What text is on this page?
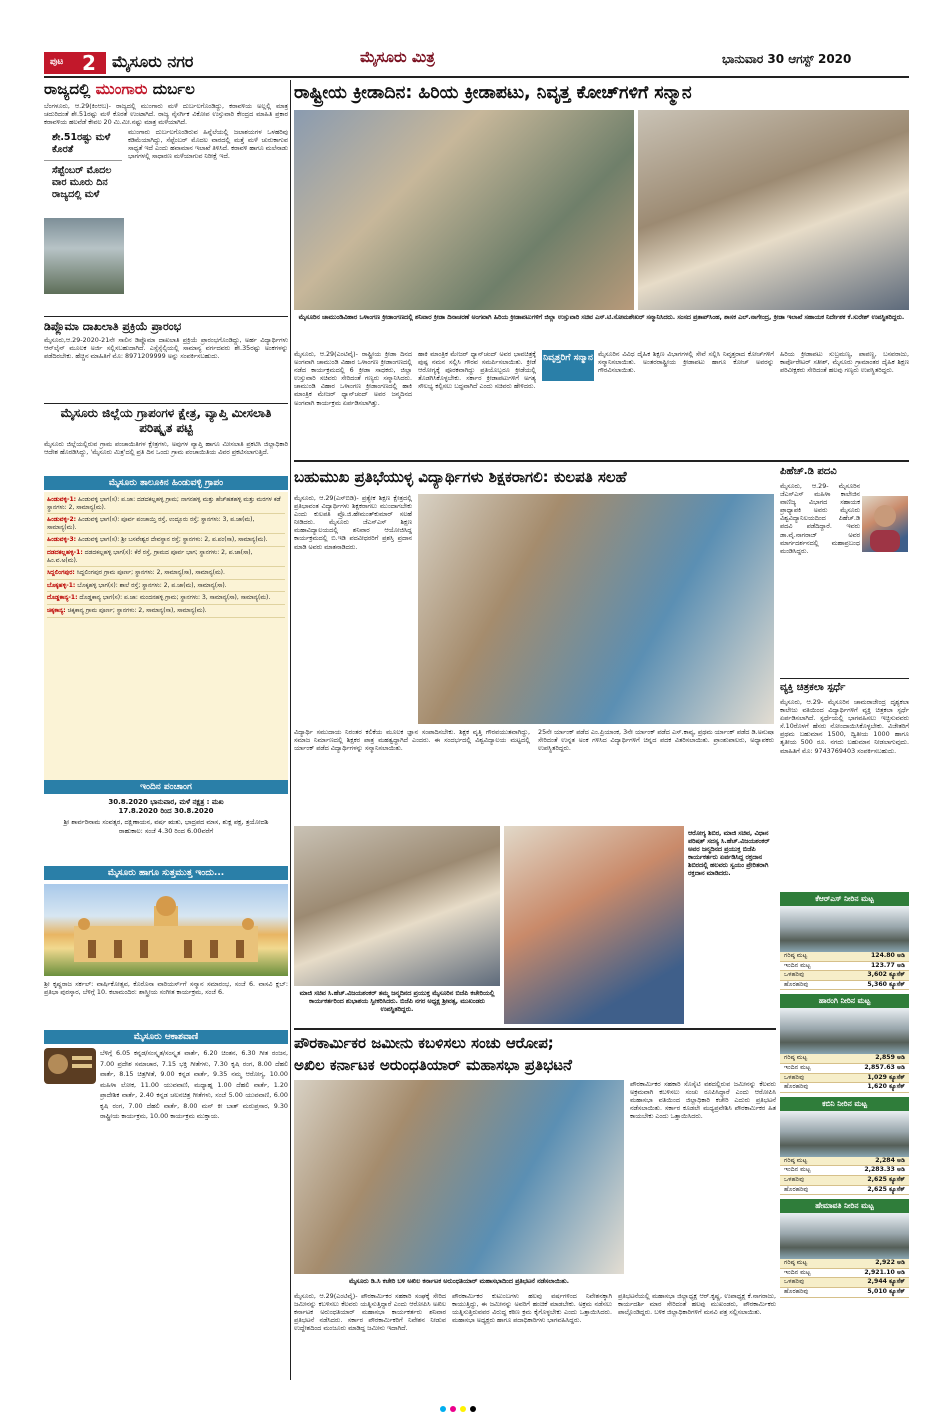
ಪುಟ 2 ಮೈಸೂರು ನಗರ	ಮೈಸೂರು ಮಿತ್ರ	ಭಾನುವಾರ 30 ಆಗಸ್ಟ್ 2020
ರಾಜ್ಯದಲ್ಲಿ ಮುಂಗಾರು ದುರ್ಬಲ
ಬೆಂಗಳೂರು, ಆ.29(ಕಿಂಆಬ)- ರಾಜ್ಯದಲ್ಲಿ ಮುಂಗಾರು ಮಳೆ ದುರ್ಬಲಗೊಂಡಿದ್ದು, ಕರಾವಳಿಯ ಅಲ್ಲಲ್ಲಿ ಮಾತ್ರ ಚದುರಿದಂತೆ ಶೇ.51ರಷ್ಟು ಮಳೆ ಕೊರತೆ ಉಂಟಾಗಿದೆ. ರಾಜ್ಯ ನೈಸರ್ಗಿಕ ವಿಕೋಪ ಉಸ್ತುವಾರಿ ಕೇಂದ್ರದ ಮಾಹಿತಿ ಪ್ರಕಾರ ಕರಾವಳಿಯ ಹಲವೆಡೆ ಕೇವಲ 20 ಮಿ.ಮೀ.ನಷ್ಟು ಮಾತ್ರ ಮಳೆಯಾಗಿದೆ.
ಶೇ.51ರಷ್ಟು ಮಳೆ ಕೊರತೆ
ಸೆಪ್ಟೆಂಬರ್ ಮೊದಲ ವಾರ ಮೂರು ದಿನ ರಾಜ್ಯದಲ್ಲಿ ಮಳೆ
ಮುಂಗಾರು ದುರ್ಬಲಗೊಂಡಿರುವ ಹಿನ್ನೆಲೆಯಲ್ಲಿ ಜಲಾಶಯಗಳ ಒಳಹರಿವು ಕಡಿಮೆಯಾಗಿದ್ದು, ಸೆಪ್ಟೆಂಬರ್ ಮೊದಲ ವಾರದಲ್ಲಿ ಮತ್ತೆ ಮಳೆ ಚುರುಕಾಗುವ ಸಾಧ್ಯತೆ ಇದೆ ಎಂದು ಹವಾಮಾನ ಇಲಾಖೆ ತಿಳಿಸಿದೆ. ಕರಾವಳಿ ಹಾಗೂ ಮಲೆನಾಡು ಭಾಗಗಳಲ್ಲಿ ಸಾಧಾರಣ ಮಳೆಯಾಗುವ ನಿರೀಕ್ಷೆ ಇದೆ.
ಡಿಪ್ಲೊಮಾ ದಾಖಲಾತಿ ಪ್ರಕ್ರಿಯೆ ಪ್ರಾರಂಭ
ಮೈಸೂರು,ಆ.29-2020-21ನೇ ಸಾಲಿನ ಡಿಪ್ಲೊಮಾ ದಾಖಲಾತಿ ಪ್ರಕ್ರಿಯೆ ಪ್ರಾರಂಭಗೊಂಡಿದ್ದು, ಅರ್ಹ ವಿದ್ಯಾರ್ಥಿಗಳು ಆನ್‌ಲೈನ್ ಮೂಲಕ ಅರ್ಜಿ ಸಲ್ಲಿಸಬಹುದಾಗಿದೆ. ಎಸ್ಸೆಸ್ಸೆಲ್ಸಿಯಲ್ಲಿ ಸಾಮಾನ್ಯ ವರ್ಗದವರು ಶೇ.35ರಷ್ಟು ಅಂಕಗಳನ್ನು ಪಡೆದಿರಬೇಕು. ಹೆಚ್ಚಿನ ಮಾಹಿತಿಗೆ ಮೊ: 8971209999 ಅನ್ನು ಸಂಪರ್ಕಿಸಬಹುದು.
ಮೈಸೂರು ಜಿಲ್ಲೆಯ ಗ್ರಾಪಂಗಳ ಕ್ಷೇತ್ರ, ವ್ಯಾಪ್ತಿ ಮೀಸಲಾತಿ ಪರಿಷ್ಕೃತ ಪಟ್ಟಿ
ಮೈಸೂರು ಜಿಲ್ಲೆಯಲ್ಲಿರುವ ಗ್ರಾಮ ಪಂಚಾಯಿತಿಗಳ ಕ್ಷೇತ್ರಗಳು, ಅವುಗಳ ವ್ಯಾಪ್ತಿ ಹಾಗೂ ಮೀಸಲಾತಿ ಪ್ರಕಟಿಸಿ ಜಿಲ್ಲಾಧಿಕಾರಿ ಆದೇಶ ಹೊರಡಿಸಿದ್ದು, 'ಮೈಸೂರು ಮಿತ್ರ'ದಲ್ಲಿ ಪ್ರತಿ ದಿನ ಒಂದು ಗ್ರಾಮ ಪಂಚಾಯಿತಿಯ ವಿವರ ಪ್ರಕಟಿಸಲಾಗುತ್ತಿದೆ.
ಮೈಸೂರು ತಾಲೂಕಿನ ಹಿಂಡುವಳ್ಳಿ ಗ್ರಾಪಂ
ಹಿಂಡುವಳ್ಳಿ-1: ಹಿಂಡುವಳ್ಳಿ ಭಾಗ(ಸ): ಪ.ಜಾ: ದಡದಕಲ್ಲಹಳ್ಳಿ ಗ್ರಾಮ; ನಾಗನಹಳ್ಳಿ ಮತ್ತು ಹೆಚ್‌ಹತಹಳ್ಳಿ ಮತ್ತು ಮರಗಳ ಕಡೆ ಸ್ಥಾನಗಳು: 2, ಸಾಮಾನ್ಯ(ಮ).
ಹಿಂಡುವಳ್ಳಿ-2: ಹಿಂಡುವಳ್ಳಿ ಭಾಗ(ಸ): ಪೂರ್ವ ಪಂಚಾಯ್ತಿ ರಸ್ತೆ, ಉದ್ಬೂರು ರಸ್ತೆ; ಸ್ಥಾನಗಳು: 3, ಪ.ಜಾ(ಮ), ಸಾಮಾನ್ಯ(ಮ).
ಹಿಂಡುವಳ್ಳಿ-3: ಹಿಂಡುವಳ್ಳಿ ಭಾಗ(ಸ): ಶ್ರೀ ಬಸವೇಶ್ವರ ದೇವಸ್ಥಾನ ರಸ್ತೆ; ಸ್ಥಾನಗಳು: 2, ಪ.ಪಂ(ಸಾ), ಸಾಮಾನ್ಯ(ಮ).
ದಡದಕಲ್ಲಹಳ್ಳಿ-1: ದಡದಕಲ್ಲಹಳ್ಳಿ ಭಾಗ(ಸ): ಕೆರೆ ರಸ್ತೆ, ಗ್ರಾಮದ ಪೂರ್ವ ಭಾಗ; ಸ್ಥಾನಗಳು: 2, ಪ.ಜಾ(ಸಾ), ಹಿಂ.ವ.ಅ(ಮ).
ಸಿದ್ದಲಿಂಗಪುರ: ಸಿದ್ದಲಿಂಗಪುರ ಗ್ರಾಮ ಪೂರ್ಣ; ಸ್ಥಾನಗಳು: 2, ಸಾಮಾನ್ಯ(ಸಾ), ಸಾಮಾನ್ಯ(ಮ).
ಬೊಕ್ಕಹಳ್ಳಿ-1: ಬೊಕ್ಕಹಳ್ಳಿ ಭಾಗ(ಸ): ಶಾಲೆ ರಸ್ತೆ; ಸ್ಥಾನಗಳು: 2, ಪ.ಜಾ(ಮ), ಸಾಮಾನ್ಯ(ಸಾ).
ದೊಡ್ಡಕಾನ್ಯ-1: ದೊಡ್ಡಕಾನ್ಯ ಭಾಗ(ಸ): ಪ.ಜಾ: ಮಂದನಹಳ್ಳಿ ಗ್ರಾಮ; ಸ್ಥಾನಗಳು: 3, ಸಾಮಾನ್ಯ(ಸಾ), ಸಾಮಾನ್ಯ(ಮ).
ಚಿಕ್ಕಕಾನ್ಯ: ಚಿಕ್ಕಕಾನ್ಯ ಗ್ರಾಮ ಪೂರ್ಣ; ಸ್ಥಾನಗಳು: 2, ಸಾಮಾನ್ಯ(ಸಾ), ಸಾಮಾನ್ಯ(ಮ).
ಇಂದಿನ ಪಂಚಾಂಗ
30.8.2020 ಭಾನುವಾರ, ಮಳೆ ನಕ್ಷತ್ರ : ಮಖ
17.8.2020 ರಿಂದ 30.8.2020
ಶ್ರೀ ಶಾರ್ವರಿನಾಮ ಸಂವತ್ಸರ, ದಕ್ಷಿಣಾಯನ, ವರ್ಷ ಋತು, ಭಾದ್ರಪದ ಮಾಸ, ಶುಕ್ಲ ಪಕ್ಷ, ತ್ರಯೋದಶಿ
ರಾಹುಕಾಲ: ಸಂಜೆ 4.30 ರಿಂದ 6.00ವರೆಗೆ
ಮೈಸೂರು ಹಾಗೂ ಸುತ್ತಮುತ್ತ ಇಂದು...
ಶ್ರೀ ಕೃಷ್ಣರಾಜ ಸರ್ಕಲ್: ವಾರ್ಷಿಕೋತ್ಸವ, ಕೊರೊನಾ ವಾರಿಯರ್ಸ್‌ಗೆ ಸನ್ಮಾನ ಸಮಾರಂಭ, ಸಂಜೆ 6. ವಾಸವಿ ಕ್ಲಬ್: ಪ್ರತಿಭಾ ಪುರಸ್ಕಾರ, ಬೆಳಿಗ್ಗೆ 10. ಕಲಾಮಂದಿರ: ಶಾಸ್ತ್ರೀಯ ಸಂಗೀತ ಕಾರ್ಯಕ್ರಮ, ಸಂಜೆ 6.
ಮೈಸೂರು ಆಕಾಶವಾಣಿ
ಬೆಳಿಗ್ಗೆ 6.05 ಕನ್ನಡ/ಸಂಸ್ಕೃತ/ಸಂಸ್ಕೃತ ವಾರ್ತೆ, 6.20 ಚಿಂತನ, 6.30 ಗೀತ ರಂಜನ, 7.00 ಪ್ರದೇಶ ಸಮಾಚಾರ, 7.15 ಭಕ್ತಿ ಗೀತೆಗಳು, 7.30 ಕೃಷಿ ರಂಗ, 8.00 ದೆಹಲಿ ವಾರ್ತೆ, 8.15 ಚಿತ್ರಗೀತೆ, 9.00 ಕನ್ನಡ ವಾರ್ತೆ, 9.35 ನಮ್ಮ ಆರೋಗ್ಯ, 10.00 ಮಹಿಳಾ ಲೋಕ, 11.00 ಯುವವಾಣಿ, ಮಧ್ಯಾಹ್ನ 1.00 ದೆಹಲಿ ವಾರ್ತೆ, 1.20 ಪ್ರಾದೇಶಿಕ ವಾರ್ತೆ, 2.40 ಕನ್ನಡ ಚಲನಚಿತ್ರ ಗೀತೆಗಳು, ಸಂಜೆ 5.00 ಯುವವಾಣಿ, 6.00 ಕೃಷಿ ರಂಗ, 7.00 ದೆಹಲಿ ವಾರ್ತೆ, 8.00 ಮನ್ ಕೀ ಬಾತ್ ಮರುಪ್ರಸಾರ, 9.30 ರಾಷ್ಟ್ರೀಯ ಕಾರ್ಯಕ್ರಮ, 10.00 ಕಾರ್ಯಕ್ರಮ ಮುಕ್ತಾಯ.
ರಾಷ್ಟ್ರೀಯ ಕ್ರೀಡಾದಿನ: ಹಿರಿಯ ಕ್ರೀಡಾಪಟು, ನಿವೃತ್ತ ಕೋಚ್‌ಗಳಿಗೆ ಸನ್ಮಾನ
ಮೈಸೂರಿನ ಚಾಮುಂಡಿವಿಹಾರ ಒಳಾಂಗಣ ಕ್ರೀಡಾಂಗಣದಲ್ಲಿ ಶನಿವಾರ ಕ್ರೀಡಾ ದಿನಾಚರಣೆ ಅಂಗವಾಗಿ ಹಿರಿಯ ಕ್ರೀಡಾಪಟುಗಳಿಗೆ ಜಿಲ್ಲಾ ಉಸ್ತುವಾರಿ ಸಚಿವ ಎಸ್.ಟಿ.ಸೋಮಶೇಖರ್ ಸನ್ಮಾನಿಸಿದರು. ಸಂಸದ ಪ್ರತಾಪ್‌ಸಿಂಹ, ಶಾಸಕ ಎಲ್.ನಾಗೇಂದ್ರ, ಕ್ರೀಡಾ ಇಲಾಖೆ ಸಹಾಯಕ ನಿರ್ದೇಶಕ ಕೆ.ಸುರೇಶ್ ಉಪಸ್ಥಿತರಿದ್ದರು.
ಮೈಸೂರು, ಆ.29(ಎಂಟಿವೈ)- ರಾಷ್ಟ್ರೀಯ ಕ್ರೀಡಾ ದಿನದ ಅಂಗವಾಗಿ ಚಾಮುಂಡಿ ವಿಹಾರ ಒಳಾಂಗಣ ಕ್ರೀಡಾಂಗಣದಲ್ಲಿ ನಡೆದ ಕಾರ್ಯಕ್ರಮದಲ್ಲಿ 6 ಕ್ರೀಡಾ ಸಾಧಕರು, ಜಿಲ್ಲಾ ಉಸ್ತುವಾರಿ ಸಚಿವರು ಸೇರಿದಂತೆ ಗಣ್ಯರು ಸನ್ಮಾನಿಸಿದರು. ಚಾಮುಂಡಿ ವಿಹಾರ ಒಳಾಂಗಣ ಕ್ರೀಡಾಂಗಣದಲ್ಲಿ ಹಾಕಿ ಮಾಂತ್ರಿಕ ಮೇಜರ್ ಧ್ಯಾನ್‌ಚಂದ್ ಅವರ ಜನ್ಮದಿನದ ಅಂಗವಾಗಿ ಕಾರ್ಯಕ್ರಮ ಏರ್ಪಡಿಸಲಾಗಿತ್ತು.
ಹಾಕಿ ಮಾಂತ್ರಿಕ ಮೇಜರ್ ಧ್ಯಾನ್‌ಚಂದ್ ಅವರ ಭಾವಚಿತ್ರಕ್ಕೆ ಪುಷ್ಪ ನಮನ ಸಲ್ಲಿಸಿ ಗೌರವ ಸಮರ್ಪಿಸಲಾಯಿತು. ಕ್ರೀಡೆ ಆರೋಗ್ಯಕ್ಕೆ ಪೂರಕವಾಗಿದ್ದು ಪ್ರತಿಯೊಬ್ಬರೂ ಕ್ರೀಡೆಯಲ್ಲಿ ತೊಡಗಿಸಿಕೊಳ್ಳಬೇಕು. ಸರ್ಕಾರ ಕ್ರೀಡಾಪಟುಗಳಿಗೆ ಅಗತ್ಯ ಸೌಲಭ್ಯ ಕಲ್ಪಿಸಲು ಬದ್ಧವಾಗಿದೆ ಎಂದು ಸಚಿವರು ಹೇಳಿದರು.
ನಿವೃತ್ತರಿಗೆ ಸನ್ಮಾನ ಮೈಸೂರಿನ ವಿವಿಧ ದೈಹಿಕ ಶಿಕ್ಷಣ ವಿಭಾಗಗಳಲ್ಲಿ ಸೇವೆ ಸಲ್ಲಿಸಿ ನಿವೃತ್ತರಾದ ಕೋಚ್‌ಗಳಿಗೆ ಸನ್ಮಾನಿಸಲಾಯಿತು. ಅಂತರರಾಷ್ಟ್ರೀಯ ಕ್ರೀಡಾಪಟು ಹಾಗೂ ಕೋಚ್ ಅವರನ್ನು ಗೌರವಿಸಲಾಯಿತು.
ಹಿರಿಯ ಕ್ರೀಡಾಪಟು ಸುಬ್ರಮಣ್ಯ, ಪಾಪಣ್ಣ, ಬಸವರಾಜು, ಕಾರ್ಪೊರೇಟರ್ ಸತೀಶ್, ಮೈಸೂರು ಗ್ರಾಮಾಂತರ ದೈಹಿಕ ಶಿಕ್ಷಣ ಪರಿವೀಕ್ಷಕರು ಸೇರಿದಂತೆ ಹಲವು ಗಣ್ಯರು ಉಪಸ್ಥಿತರಿದ್ದರು.
ಬಹುಮುಖ ಪ್ರತಿಭೆಯುಳ್ಳ ವಿದ್ಯಾರ್ಥಿಗಳು ಶಿಕ್ಷಕರಾಗಲಿ: ಕುಲಪತಿ ಸಲಹೆ
ಮೈಸೂರು, ಆ.29(ಎಸ್‌ಬಿಡಿ)- ಪ್ರತ್ಯೇಕ ಶಿಕ್ಷಣ ಕ್ಷೇತ್ರದಲ್ಲಿ ಪ್ರತಿಭಾವಂತ ವಿದ್ಯಾರ್ಥಿಗಳು ಶಿಕ್ಷಕರಾಗಲು ಮುಂದಾಗಬೇಕು ಎಂದು ಕುಲಪತಿ ಪ್ರೊ.ಜಿ.ಹೇಮಂತ್‌ಕುಮಾರ್ ಸಲಹೆ ನೀಡಿದರು. ಮೈಸೂರು ಜೆಎಸ್‌ಎಸ್ ಶಿಕ್ಷಣ ಮಹಾವಿದ್ಯಾಲಯದಲ್ಲಿ ಶನಿವಾರ ಆಯೋಜಿಸಿದ್ದ ಕಾರ್ಯಕ್ರಮದಲ್ಲಿ ಬಿ.ಇಡಿ ಪದವೀಧರರಿಗೆ ಪ್ರಶಸ್ತಿ ಪ್ರದಾನ ಮಾಡಿ ಅವರು ಮಾತನಾಡಿದರು.
ವಿದ್ಯಾರ್ಥಿ ಸಮುದಾಯ ನಿರಂತರ ಕಲಿಕೆಯ ಮೂಲಕ ಜ್ಞಾನ ಸಂಪಾದಿಸಬೇಕು. ಶಿಕ್ಷಕ ವೃತ್ತಿ ಗೌರವಯುತವಾಗಿದ್ದು, ಸಮಾಜ ನಿರ್ಮಾಣದಲ್ಲಿ ಶಿಕ್ಷಕರ ಪಾತ್ರ ಮಹತ್ವದ್ದಾಗಿದೆ ಎಂದರು. ಈ ಸಂದರ್ಭದಲ್ಲಿ ವಿಶ್ವವಿದ್ಯಾಲಯ ಮಟ್ಟದಲ್ಲಿ ರ್ಯಾಂಕ್ ಪಡೆದ ವಿದ್ಯಾರ್ಥಿಗಳನ್ನು ಸನ್ಮಾನಿಸಲಾಯಿತು.
25ನೇ ರ್ಯಾಂಕ್ ಪಡೆದ ಎಂ.ಪ್ರಿಯಾಂಕ, 3ನೇ ರ್ಯಾಂಕ್ ಪಡೆದ ಎಸ್.ಕಾವ್ಯ, ಪ್ರಥಮ ರ್ಯಾಂಕ್ ಪಡೆದ ಡಿ.ಅನುಷಾ ಸೇರಿದಂತೆ ಉನ್ನತ ಅಂಕ ಗಳಿಸಿದ ವಿದ್ಯಾರ್ಥಿಗಳಿಗೆ ಚಿನ್ನದ ಪದಕ ವಿತರಿಸಲಾಯಿತು. ಪ್ರಾಂಶುಪಾಲರು, ಅಧ್ಯಾಪಕರು ಉಪಸ್ಥಿತರಿದ್ದರು.
ಪಿಹೆಚ್.ಡಿ ಪದವಿ
ಮೈಸೂರು, ಆ.29- ಮೈಸೂರಿನ ಜೆಎಸ್‌ಎಸ್ ಮಹಿಳಾ ಕಾಲೇಜಿನ ವಾಣಿಜ್ಯ ವಿಭಾಗದ ಸಹಾಯಕ ಪ್ರಾಧ್ಯಾಪಕಿ ಅವರು ಮೈಸೂರು ವಿಶ್ವವಿದ್ಯಾನಿಲಯದಿಂದ ಪಿಹೆಚ್.ಡಿ ಪದವಿ ಪಡೆದಿದ್ದಾರೆ. ಇವರು ಡಾ.ವೈ.ನಾಗರಾಜ್ ಅವರ ಮಾರ್ಗದರ್ಶನದಲ್ಲಿ ಮಹಾಪ್ರಬಂಧ ಮಂಡಿಸಿದ್ದರು.
ವ್ಯಕ್ತಿ ಚಿತ್ರಕಲಾ ಸ್ಪರ್ಧೆ
ಮೈಸೂರು, ಆ.29- ಮೈಸೂರಿನ ಚಾಮರಾಜೇಂದ್ರ ದೃಶ್ಯಕಲಾ ಕಾಲೇಜು ವತಿಯಿಂದ ವಿದ್ಯಾರ್ಥಿಗಳಿಗೆ ವ್ಯಕ್ತಿ ಚಿತ್ರಕಲಾ ಸ್ಪರ್ಧೆ ಏರ್ಪಡಿಸಲಾಗಿದೆ. ಸ್ಪರ್ಧೆಯಲ್ಲಿ ಭಾಗವಹಿಸಲು ಇಚ್ಛಿಸುವವರು ಸೆ.10ರೊಳಗೆ ಹೆಸರು ನೋಂದಾಯಿಸಿಕೊಳ್ಳಬೇಕು. ವಿಜೇತರಿಗೆ ಪ್ರಥಮ ಬಹುಮಾನ 1500, ದ್ವಿತೀಯ 1000 ಹಾಗೂ ತೃತೀಯ 500 ರೂ. ನಗದು ಬಹುಮಾನ ನೀಡಲಾಗುವುದು. ಮಾಹಿತಿಗೆ ಮೊ: 9743769403 ಸಂಪರ್ಕಿಸಬಹುದು.
ಮಾಜಿ ಸಚಿವ ಸಿ.ಹೆಚ್.ವಿಜಯಶಂಕರ್ ತಮ್ಮ ಜನ್ಮದಿನದ ಪ್ರಯುಕ್ತ ಮೈಸೂರಿನ ಬಿಜೆಪಿ ಕಚೇರಿಯಲ್ಲಿ ಕಾರ್ಯಕರ್ತರಿಂದ ಶುಭಾಶಯ ಸ್ವೀಕರಿಸಿದರು. ಬಿಜೆಪಿ ನಗರ ಅಧ್ಯಕ್ಷ ಶ್ರೀವತ್ಸ, ಮುಖಂಡರು ಉಪಸ್ಥಿತರಿದ್ದರು.
ಆರೋಗ್ಯ ಶಿಬಿರ, ಮಾಜಿ ಸಚಿವ, ವಿಧಾನ ಪರಿಷತ್ ಸದಸ್ಯ ಸಿ.ಹೆಚ್.ವಿಜಯಶಂಕರ್ ಅವರ ಜನ್ಮದಿನದ ಪ್ರಯುಕ್ತ ಬಿಜೆಪಿ ಕಾರ್ಯಕರ್ತರು ಏರ್ಪಡಿಸಿದ್ದ ರಕ್ತದಾನ ಶಿಬಿರದಲ್ಲಿ ಹಲವರು ಸ್ವಯಂ ಪ್ರೇರಿತರಾಗಿ ರಕ್ತದಾನ ಮಾಡಿದರು.
ಪೌರಕಾರ್ಮಿಕರ ಜಮೀನು ಕಬಳಿಸಲು ಸಂಚು ಆರೋಪ;
ಅಖಿಲ ಕರ್ನಾಟಕ ಅರುಂಧತಿಯಾರ್ ಮಹಾಸಭಾ ಪ್ರತಿಭಟನೆ
ಪೌರಕಾರ್ಮಿಕರ ಸಹಕಾರಿ ಸೊಸೈಟಿ ವಶದಲ್ಲಿರುವ ಜಮೀನನ್ನು ಕೆಲವರು ಅಕ್ರಮವಾಗಿ ಕಬಳಿಸಲು ಸಂಚು ರೂಪಿಸಿದ್ದಾರೆ ಎಂದು ಆರೋಪಿಸಿ ಮಹಾಸಭಾ ವತಿಯಿಂದ ಜಿಲ್ಲಾಧಿಕಾರಿ ಕಚೇರಿ ಎದುರು ಪ್ರತಿಭಟನೆ ನಡೆಸಲಾಯಿತು. ಸರ್ಕಾರ ಕೂಡಲೇ ಮಧ್ಯಪ್ರವೇಶಿಸಿ ಪೌರಕಾರ್ಮಿಕರ ಹಿತ ಕಾಯಬೇಕು ಎಂದು ಒತ್ತಾಯಿಸಿದರು.
ಮೈಸೂರು ಡಿ.ಸಿ ಕಚೇರಿ ಬಳಿ ಅಖಿಲ ಕರ್ನಾಟಕ ಅರುಂಧತಿಯಾರ್ ಮಹಾಸಭಾದಿಂದ ಪ್ರತಿಭಟನೆ ನಡೆಸಲಾಯಿತು.
ಮೈಸೂರು, ಆ.29(ಎಂಟಿವೈ)- ಪೌರಕಾರ್ಮಿಕರ ಸಹಕಾರಿ ಸಂಘಕ್ಕೆ ಸೇರಿದ ಜಮೀನನ್ನು ಕಬಳಿಸಲು ಕೆಲವರು ಯತ್ನಿಸುತ್ತಿದ್ದಾರೆ ಎಂದು ಆರೋಪಿಸಿ ಅಖಿಲ ಕರ್ನಾಟಕ ಅರುಂಧತಿಯಾರ್ ಮಹಾಸಭಾ ಕಾರ್ಯಕರ್ತರು ಶನಿವಾರ ಪ್ರತಿಭಟನೆ ನಡೆಸಿದರು. ಸರ್ಕಾರ ಪೌರಕಾರ್ಮಿಕರಿಗೆ ನಿವೇಶನ ನೀಡುವ ಉದ್ದೇಶದಿಂದ ಮಂಜೂರು ಮಾಡಿದ್ದ ಜಮೀನು ಇದಾಗಿದೆ.
ಪೌರಕಾರ್ಮಿಕರ ಕುಟುಂಬಗಳು ಹಲವು ವರ್ಷಗಳಿಂದ ನಿವೇಶನಕ್ಕಾಗಿ ಕಾಯುತ್ತಿದ್ದು, ಈ ಜಮೀನನ್ನು ಅವರಿಗೆ ಹಂಚಿಕೆ ಮಾಡಬೇಕು. ಅಕ್ರಮ ನಡೆಸಲು ಯತ್ನಿಸುತ್ತಿರುವವರ ವಿರುದ್ಧ ಕಠಿಣ ಕ್ರಮ ಕೈಗೊಳ್ಳಬೇಕು ಎಂದು ಒತ್ತಾಯಿಸಿದರು. ಮಹಾಸಭಾ ಅಧ್ಯಕ್ಷರು ಹಾಗೂ ಪದಾಧಿಕಾರಿಗಳು ಭಾಗವಹಿಸಿದ್ದರು.
ಪ್ರತಿಭಟನೆಯಲ್ಲಿ ಮಹಾಸಭಾ ಜಿಲ್ಲಾಧ್ಯಕ್ಷ ಆರ್.ಕೃಷ್ಣ, ಉಪಾಧ್ಯಕ್ಷ ಕೆ.ನಾಗರಾಜು, ಕಾರ್ಯದರ್ಶಿ ಮಾರ ಸೇರಿದಂತೆ ಹಲವು ಮುಖಂಡರು, ಪೌರಕಾರ್ಮಿಕರು ಪಾಲ್ಗೊಂಡಿದ್ದರು. ಬಳಿಕ ಜಿಲ್ಲಾಧಿಕಾರಿಗಳಿಗೆ ಮನವಿ ಪತ್ರ ಸಲ್ಲಿಸಲಾಯಿತು.
ಕೆಆರ್‌ಎಸ್ ನೀರಿನ ಮಟ್ಟ
ಗರಿಷ್ಠ ಮಟ್ಟ	124.80 ಅಡಿ
ಇಂದಿನ ಮಟ್ಟ	123.77 ಅಡಿ
ಒಳಹರಿವು	3,602 ಕ್ಯೂಸೆಕ್
ಹೊರಹರಿವು	5,360 ಕ್ಯೂಸೆಕ್
ಹಾರಂಗಿ ನೀರಿನ ಮಟ್ಟ
ಗರಿಷ್ಠ ಮಟ್ಟ	2,859 ಅಡಿ
ಇಂದಿನ ಮಟ್ಟ	2,857.63 ಅಡಿ
ಒಳಹರಿವು	1,029 ಕ್ಯೂಸೆಕ್
ಹೊರಹರಿವು	1,620 ಕ್ಯೂಸೆಕ್
ಕಬಿನಿ ನೀರಿನ ಮಟ್ಟ
ಗರಿಷ್ಠ ಮಟ್ಟ	2,284 ಅಡಿ
ಇಂದಿನ ಮಟ್ಟ	2,283.33 ಅಡಿ
ಒಳಹರಿವು	2,625 ಕ್ಯೂಸೆಕ್
ಹೊರಹರಿವು	2,625 ಕ್ಯೂಸೆಕ್
ಹೇಮಾವತಿ ನೀರಿನ ಮಟ್ಟ
ಗರಿಷ್ಠ ಮಟ್ಟ	2,922 ಅಡಿ
ಇಂದಿನ ಮಟ್ಟ	2,921.10 ಅಡಿ
ಒಳಹರಿವು	2,944 ಕ್ಯೂಸೆಕ್
ಹೊರಹರಿವು	5,010 ಕ್ಯೂಸೆಕ್
